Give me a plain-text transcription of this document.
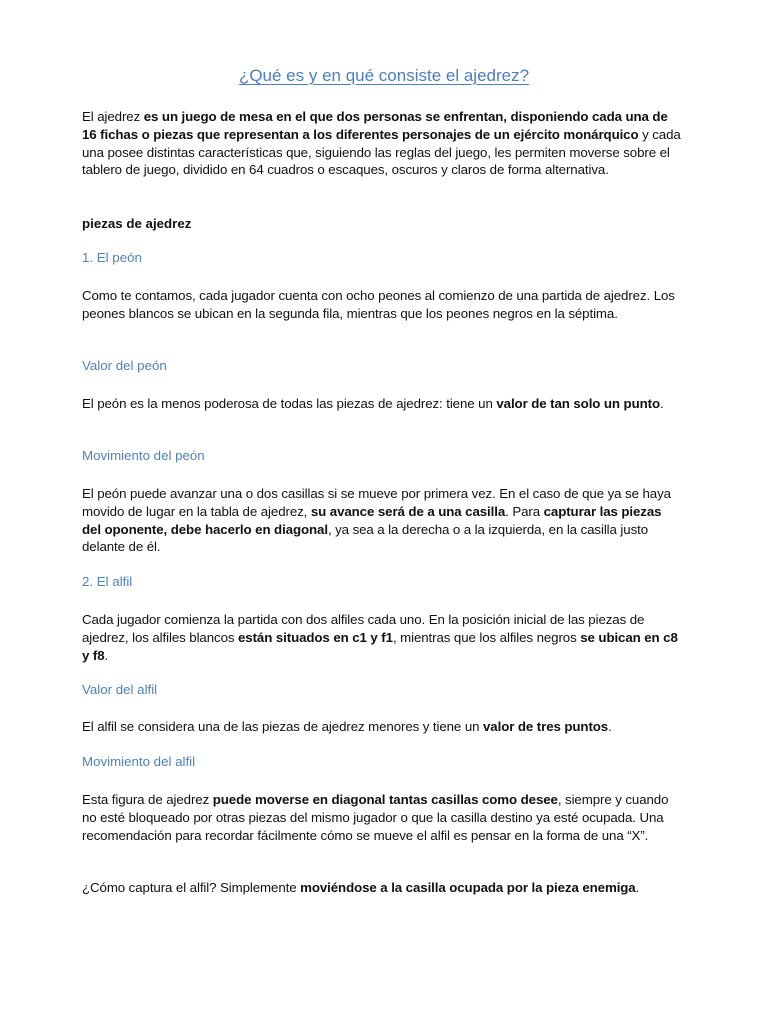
¿Qué es y en qué consiste el ajedrez?
El ajedrez es un juego de mesa en el que dos personas se enfrentan, disponiendo cada una de 16 fichas o piezas que representan a los diferentes personajes de un ejército monárquico y cada una posee distintas características que, siguiendo las reglas del juego, les permiten moverse sobre el tablero de juego, dividido en 64 cuadros o escaques, oscuros y claros de forma alternativa.
piezas de ajedrez
1. El peón
Como te contamos, cada jugador cuenta con ocho peones al comienzo de una partida de ajedrez. Los peones blancos se ubican en la segunda fila, mientras que los peones negros en la séptima.
Valor del peón
El peón es la menos poderosa de todas las piezas de ajedrez: tiene un valor de tan solo un punto.
Movimiento del peón
El peón puede avanzar una o dos casillas si se mueve por primera vez. En el caso de que ya se haya movido de lugar en la tabla de ajedrez, su avance será de a una casilla. Para capturar las piezas del oponente, debe hacerlo en diagonal, ya sea a la derecha o a la izquierda, en la casilla justo delante de él.
2. El alfil
Cada jugador comienza la partida con dos alfiles cada uno. En la posición inicial de las piezas de ajedrez, los alfiles blancos están situados en c1 y f1, mientras que los alfiles negros se ubican en c8 y f8.
Valor del alfil
El alfil se considera una de las piezas de ajedrez menores y tiene un valor de tres puntos.
Movimiento del alfil
Esta figura de ajedrez puede moverse en diagonal tantas casillas como desee, siempre y cuando no esté bloqueado por otras piezas del mismo jugador o que la casilla destino ya esté ocupada. Una recomendación para recordar fácilmente cómo se mueve el alfil es pensar en la forma de una “X”.
¿Cómo captura el alfil? Simplemente moviéndose a la casilla ocupada por la pieza enemiga.
